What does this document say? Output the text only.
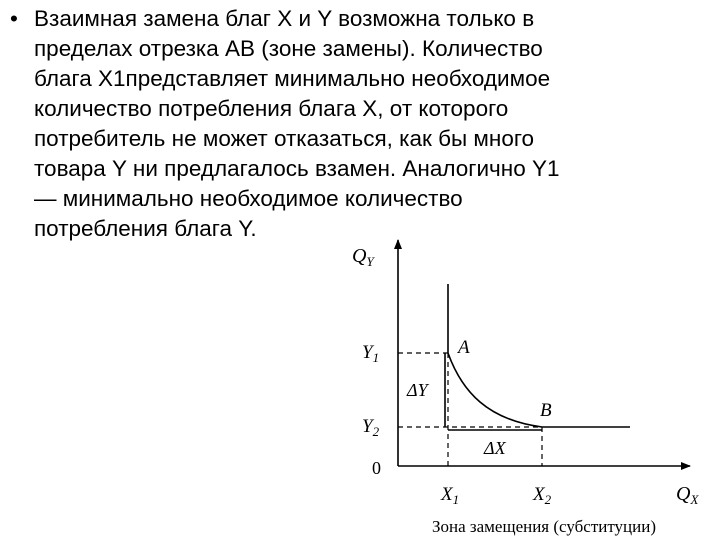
• Взаимная замена благ X и Y возможна только в
пределах отрезка AB (зоне замены). Количество
блага X1представляет минимально необходимое
количество потребления блага X, от которого
потребитель не может отказаться, как бы много
товара Y ни предлагалось взамен. Аналогично Y1
— минимально необходимое количество
потребления блага Y.
$Q_Y$
$Q_X$
0
$Y_1$
$Y_2$
$X_1$	$X_2$
A
B
ΔY
ΔX
Зона замещения (субституции)
